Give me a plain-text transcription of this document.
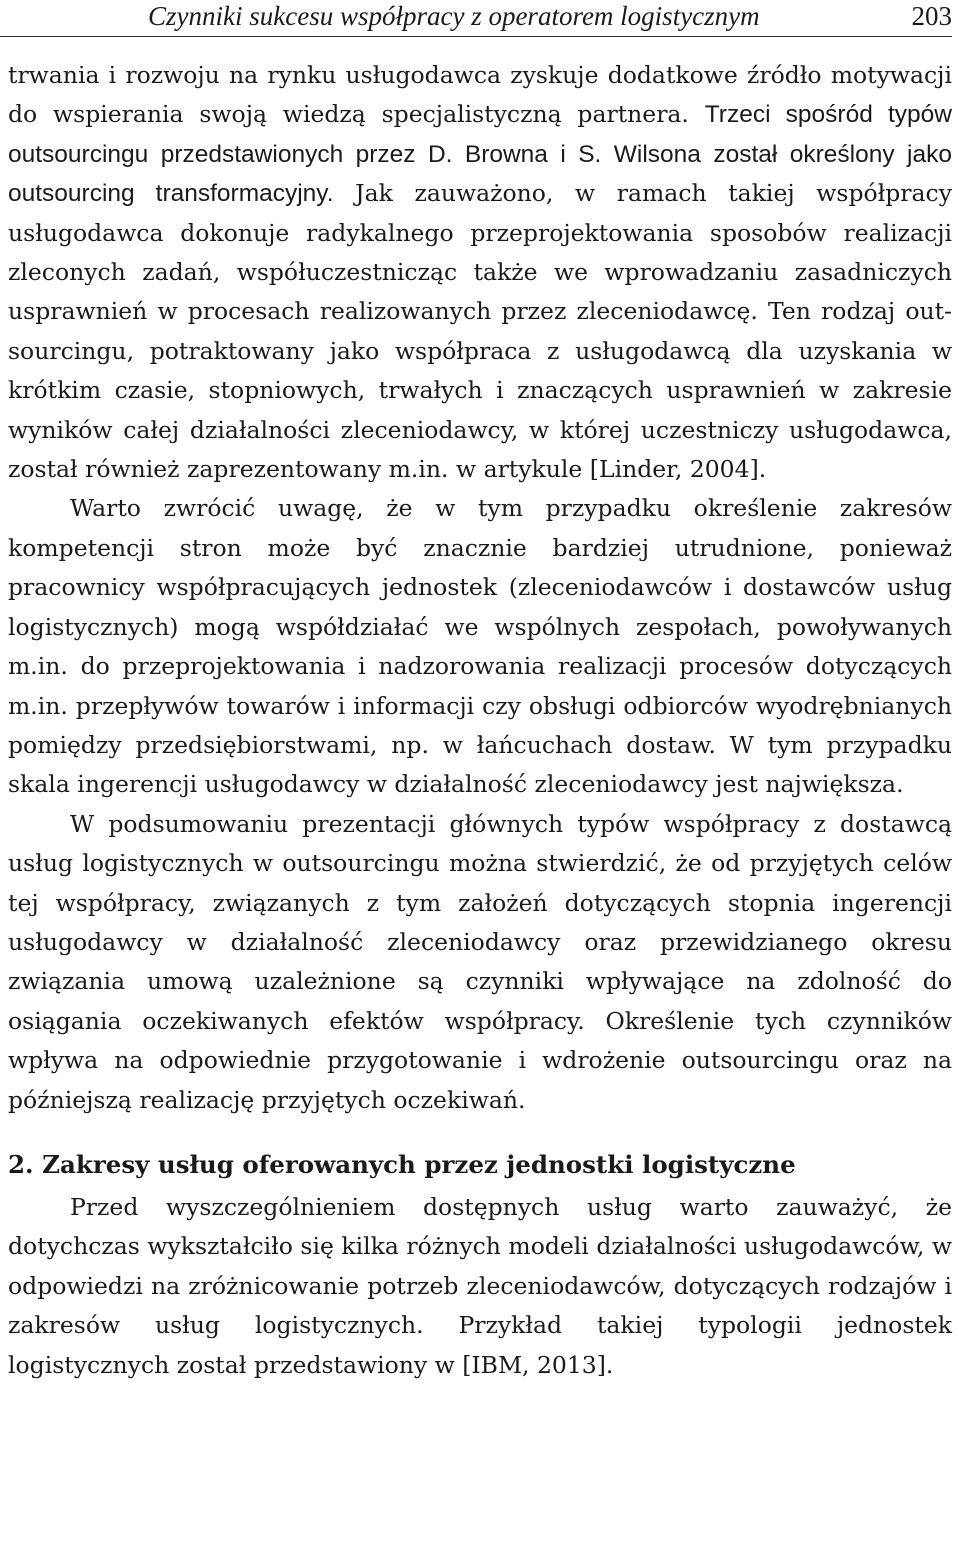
Czynniki sukcesu współpracy z operatorem logistycznym	203

trwania i rozwoju na rynku usługodawca zyskuje dodatkowe źródło motywacji do wspierania swoją wiedzą specjalistyczną partnera. Trzeci spośród typów outsourcingu przedstawionych przez D. Browna i S. Wilsona został określony jako outsourcing transformacyjny. Jak zauważono, w ramach takiej współpracy usługodawca dokonuje radykalnego przeprojektowania sposobów realizacji zleconych zadań, współuczestnicząc także we wprowadzaniu zasadniczych usprawnień w procesach realizowanych przez zleceniodawcę. Ten rodzaj outsourcingu, potraktowany jako współpraca z usługodawcą dla uzyskania w krótkim czasie, stopniowych, trwałych i znaczących usprawnień w zakresie wyników całej działalności zleceniodawcy, w której uczestniczy usługodawca, został również zaprezentowany m.in. w artykule [Linder, 2004].

Warto zwrócić uwagę, że w tym przypadku określenie zakresów kompetencji stron może być znacznie bardziej utrudnione, ponieważ pracownicy współpracujących jednostek (zleceniodawców i dostawców usług logistycznych) mogą współdziałać we wspólnych zespołach, powoływanych m.in. do przeprojektowania i nadzorowania realizacji procesów dotyczących m.in. przepływów towarów i informacji czy obsługi odbiorców wyodrębnianych pomiędzy przedsiębiorstwami, np. w łańcuchach dostaw. W tym przypadku skala ingerencji usługodawcy w działalność zleceniodawcy jest największa.

W podsumowaniu prezentacji głównych typów współpracy z dostawcą usług logistycznych w outsourcingu można stwierdzić, że od przyjętych celów tej współpracy, związanych z tym założeń dotyczących stopnia ingerencji usługodawcy w działalność zleceniodawcy oraz przewidzianego okresu związania umową uzależnione są czynniki wpływające na zdolność do osiągania oczekiwanych efektów współpracy. Określenie tych czynników wpływa na odpowiednie przygotowanie i wdrożenie outsourcingu oraz na późniejszą realizację przyjętych oczekiwań.

2. Zakresy usług oferowanych przez jednostki logistyczne

Przed wyszczególnieniem dostępnych usług warto zauważyć, że dotychczas wykształciło się kilka różnych modeli działalności usługodawców, w odpowiedzi na zróżnicowanie potrzeb zleceniodawców, dotyczących rodzajów i zakresów usług logistycznych. Przykład takiej typologii jednostek logistycznych został przedstawiony w [IBM, 2013].
